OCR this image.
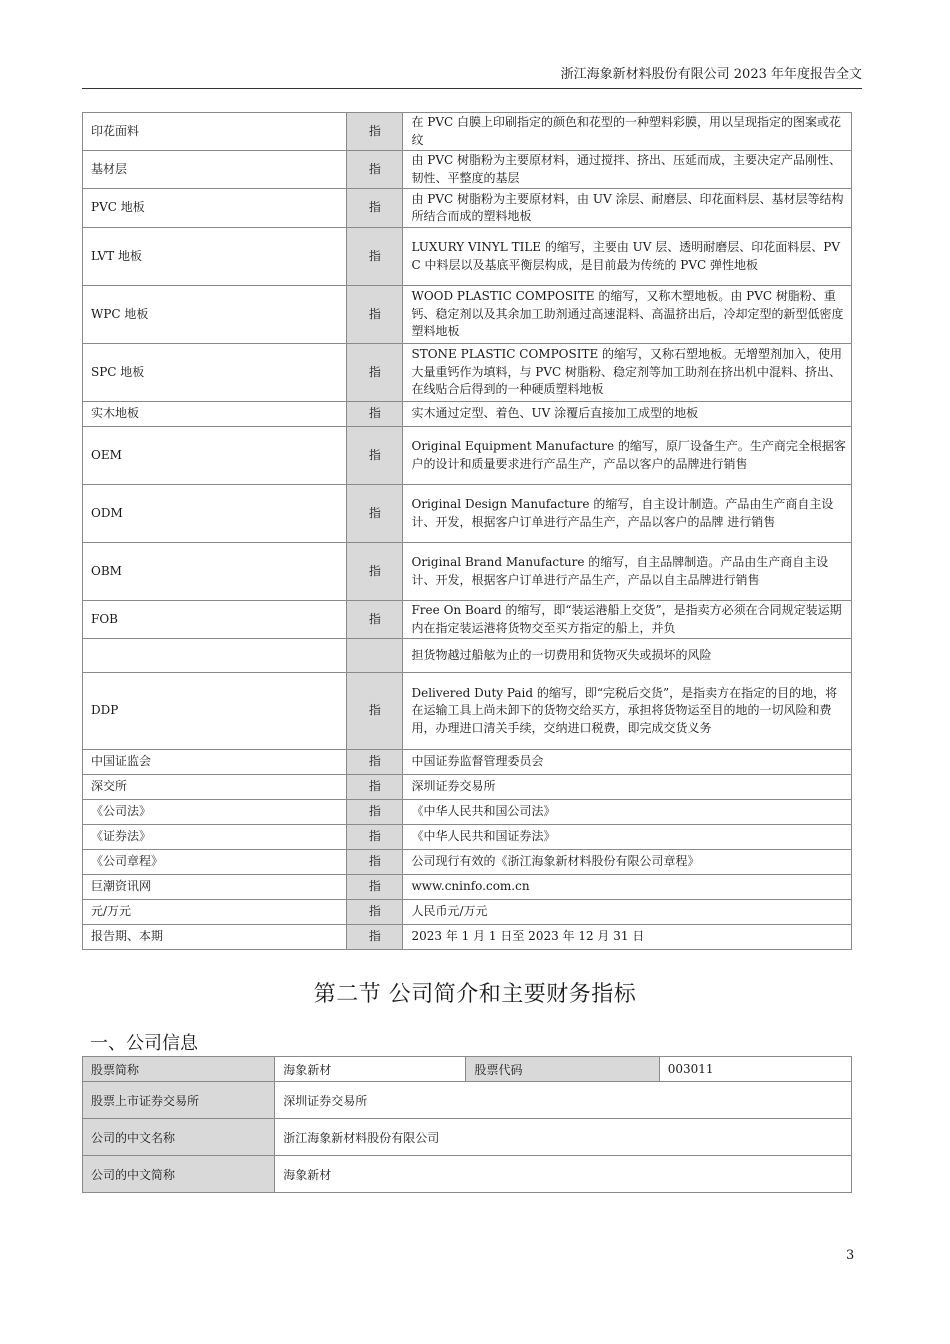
浙江海象新材料股份有限公司 2023 年年度报告全文
印花面料	指	在 PVC 白膜上印刷指定的颜色和花型的一种塑料彩膜，用以呈现指定的图案或花纹
基材层	指	由 PVC 树脂粉为主要原材料，通过搅拌、挤出、压延而成，主要决定产品刚性、韧性、平整度的基层
PVC 地板	指	由 PVC 树脂粉为主要原材料，由 UV 涂层、耐磨层、印花面料层、基材层等结构所结合而成的塑料地板
LVT 地板	指	LUXURY VINYL TILE 的缩写，主要由 UV 层、透明耐磨层、印花面料层、PVC 中料层以及基底平衡层构成，是目前最为传统的 PVC 弹性地板
WPC 地板	指	WOOD PLASTIC COMPOSITE 的缩写，又称木塑地板。由 PVC 树脂粉、重钙、稳定剂以及其余加工助剂通过高速混料、高温挤出后，冷却定型的新型低密度塑料地板
SPC 地板	指	STONE PLASTIC COMPOSITE 的缩写，又称石塑地板。无增塑剂加入，使用大量重钙作为填料，与 PVC 树脂粉、稳定剂等加工助剂在挤出机中混料、挤出、在线贴合后得到的一种硬质塑料地板
实木地板	指	实木通过定型、着色、UV 涂覆后直接加工成型的地板
OEM	指	Original Equipment Manufacture 的缩写，原厂设备生产。生产商完全根据客户的设计和质量要求进行产品生产，产品以客户的品牌进行销售
ODM	指	Original Design Manufacture 的缩写，自主设计制造。产品由生产商自主设计、开发，根据客户订单进行产品生产，产品以客户的品牌 进行销售
OBM	指	Original Brand Manufacture 的缩写，自主品牌制造。产品由生产商自主设计、开发，根据客户订单进行产品生产，产品以自主品牌进行销售
FOB	指	Free On Board 的缩写，即“装运港船上交货”，是指卖方必须在合同规定装运期内在指定装运港将货物交至买方指定的船上，并负
		担货物越过船舷为止的一切费用和货物灭失或损坏的风险
DDP	指	Delivered Duty Paid 的缩写，即“完税后交货”，是指卖方在指定的目的地，将在运输工具上尚未卸下的货物交给买方，承担将货物运至目的地的一切风险和费用，办理进口清关手续，交纳进口税费，即完成交货义务
中国证监会	指	中国证券监督管理委员会
深交所	指	深圳证券交易所
《公司法》	指	《中华人民共和国公司法》
《证券法》	指	《中华人民共和国证券法》
《公司章程》	指	公司现行有效的《浙江海象新材料股份有限公司章程》
巨潮资讯网	指	www.cninfo.com.cn
元/万元	指	人民币元/万元
报告期、本期	指	2023 年 1 月 1 日至 2023 年 12 月 31 日
第二节 公司简介和主要财务指标
一、公司信息
股票简称	海象新材	股票代码	003011
股票上市证券交易所	深圳证券交易所		
公司的中文名称	浙江海象新材料股份有限公司		
公司的中文简称	海象新材		
3
